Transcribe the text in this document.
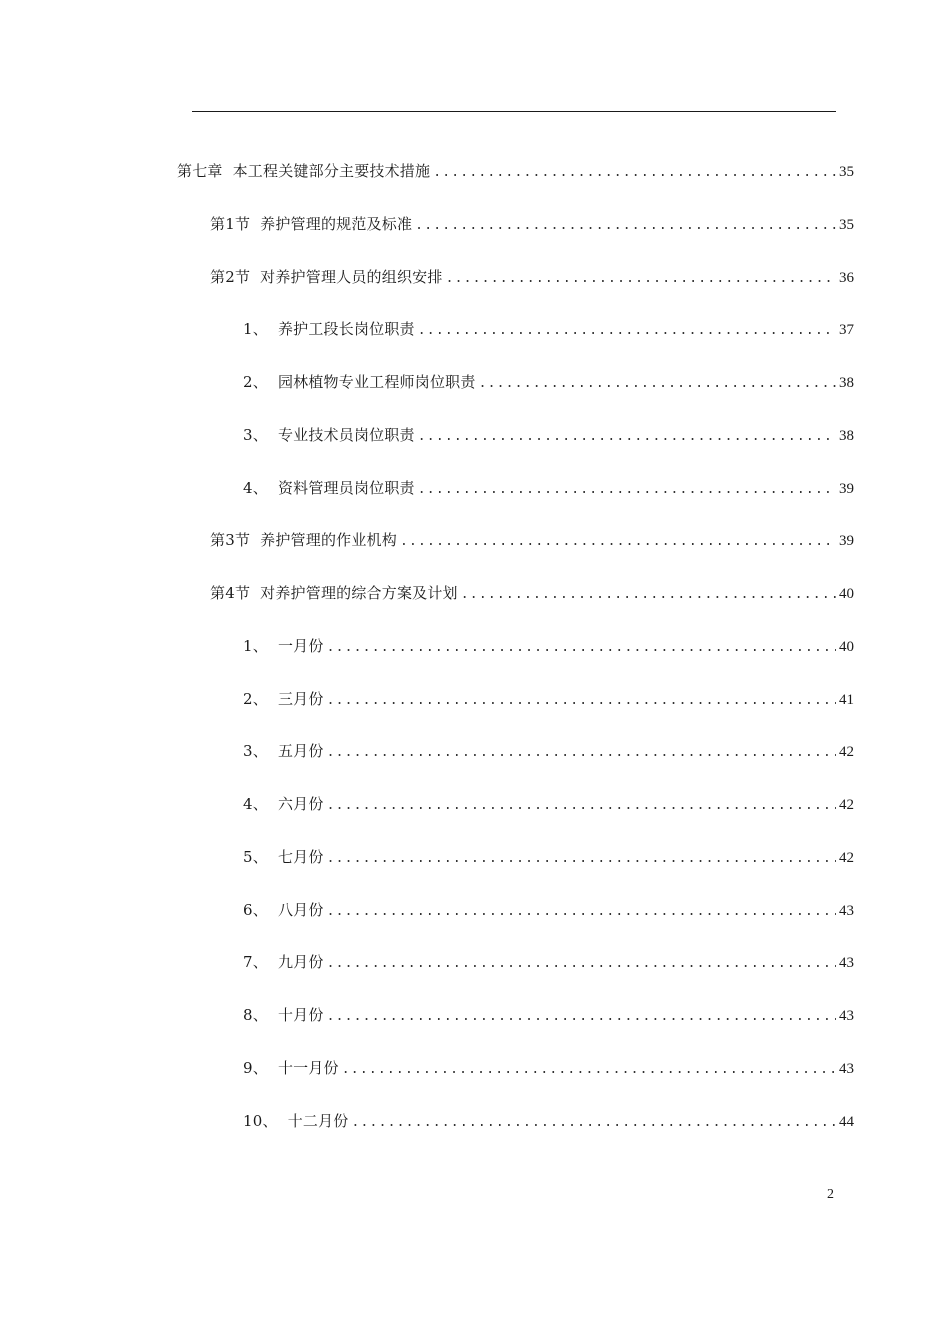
第七章 本工程关键部分主要技术措施 .....	35
第1节 养护管理的规范及标准 .....	35
第2节 对养护管理人员的组织安排 .....	36
1、 养护工段长岗位职责 .....	37
2、 园林植物专业工程师岗位职责 .....	38
3、 专业技术员岗位职责 .....	38
4、 资料管理员岗位职责 .....	39
第3节 养护管理的作业机构 .....	39
第4节 对养护管理的综合方案及计划 .....	40
1、 一月份 .....	40
2、 三月份 .....	41
3、 五月份 .....	42
4、 六月份 .....	42
5、 七月份 .....	42
6、 八月份 .....	43
7、 九月份 .....	43
8、 十月份 .....	43
9、 十一月份 .....	43
10、 十二月份 .....	44
2
